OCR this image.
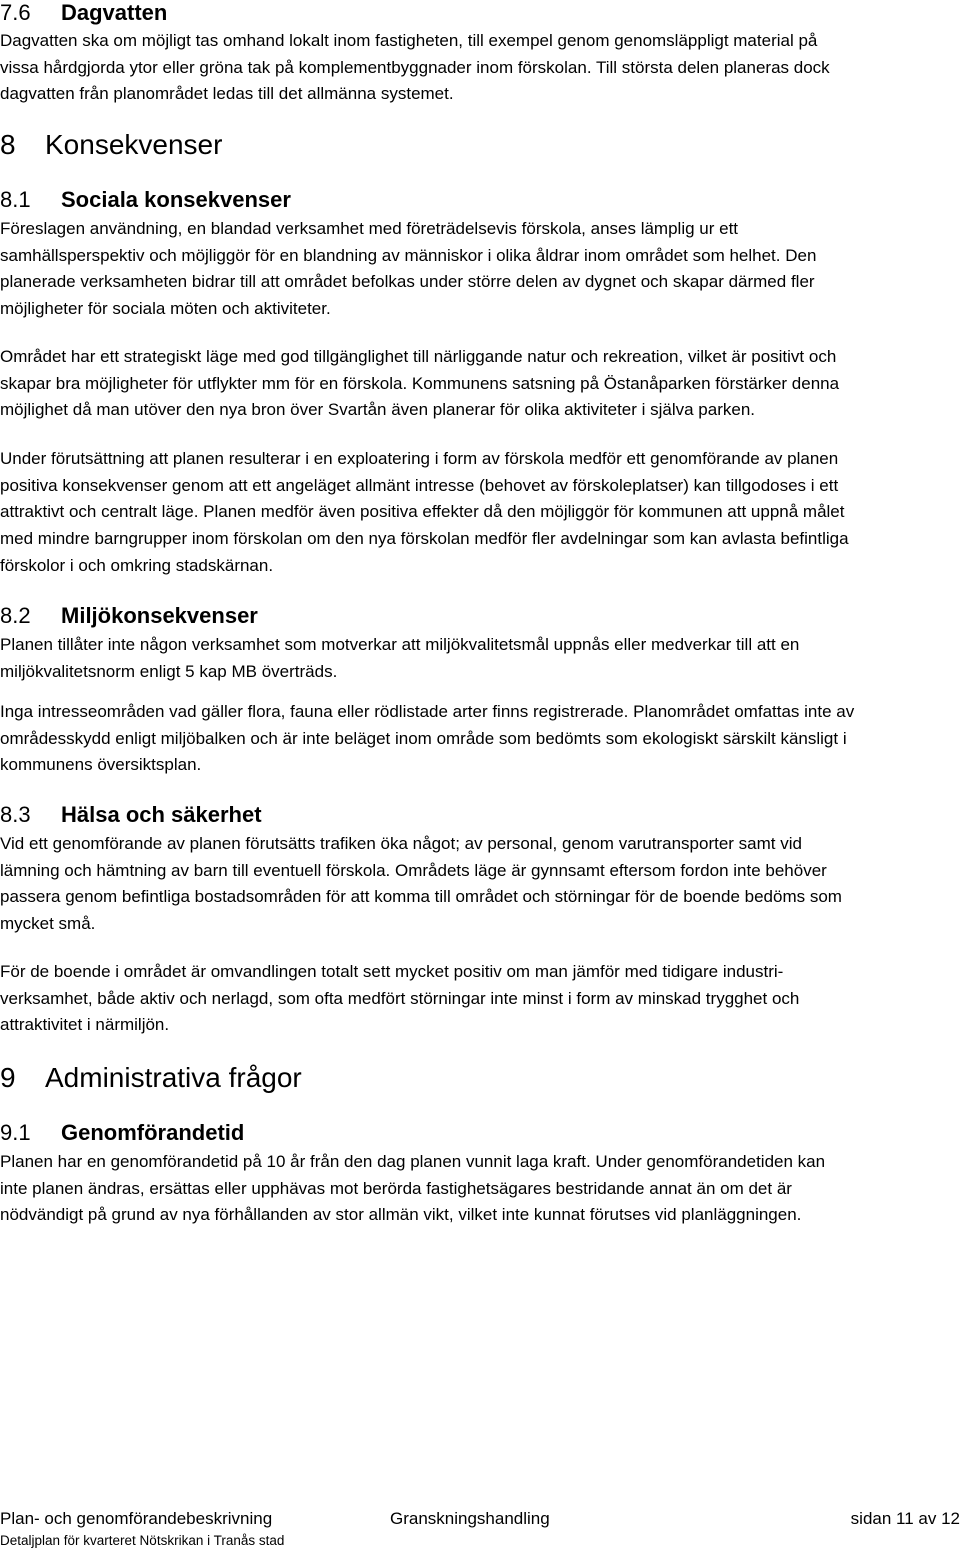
7.6 Dagvatten
Dagvatten ska om möjligt tas omhand lokalt inom fastigheten, till exempel genom genomsläppligt material på
vissa hårdgjorda ytor eller gröna tak på komplementbyggnader inom förskolan. Till största delen planeras dock
dagvatten från planområdet ledas till det allmänna systemet.
8 Konsekvenser
8.1 Sociala konsekvenser
Föreslagen användning, en blandad verksamhet med företrädelsevis förskola, anses lämplig ur ett
samhällsperspektiv och möjliggör för en blandning av människor i olika åldrar inom området som helhet. Den
planerade verksamheten bidrar till att området befolkas under större delen av dygnet och skapar därmed fler
möjligheter för sociala möten och aktiviteter.
Området har ett strategiskt läge med god tillgänglighet till närliggande natur och rekreation, vilket är positivt och
skapar bra möjligheter för utflykter mm för en förskola. Kommunens satsning på Östanåparken förstärker denna
möjlighet då man utöver den nya bron över Svartån även planerar för olika aktiviteter i själva parken.
Under förutsättning att planen resulterar i en exploatering i form av förskola medför ett genomförande av planen
positiva konsekvenser genom att ett angeläget allmänt intresse (behovet av förskoleplatser) kan tillgodoses i ett
attraktivt och centralt läge. Planen medför även positiva effekter då den möjliggör för kommunen att uppnå målet
med mindre barngrupper inom förskolan om den nya förskolan medför fler avdelningar som kan avlasta befintliga
förskolor i och omkring stadskärnan.
8.2 Miljökonsekvenser
Planen tillåter inte någon verksamhet som motverkar att miljökvalitetsmål uppnås eller medverkar till att en
miljökvalitetsnorm enligt 5 kap MB överträds.
Inga intresseområden vad gäller flora, fauna eller rödlistade arter finns registrerade. Planområdet omfattas inte av
områdesskydd enligt miljöbalken och är inte beläget inom område som bedömts som ekologiskt särskilt känsligt i
kommunens översiktsplan.
8.3 Hälsa och säkerhet
Vid ett genomförande av planen förutsätts trafiken öka något; av personal, genom varutransporter samt vid
lämning och hämtning av barn till eventuell förskola. Områdets läge är gynnsamt eftersom fordon inte behöver
passera genom befintliga bostadsområden för att komma till området och störningar för de boende bedöms som
mycket små.
För de boende i området är omvandlingen totalt sett mycket positiv om man jämför med tidigare industri-
verksamhet, både aktiv och nerlagd, som ofta medfört störningar inte minst i form av minskad trygghet och
attraktivitet i närmiljön.
9 Administrativa frågor
9.1 Genomförandetid
Planen har en genomförandetid på 10 år från den dag planen vunnit laga kraft. Under genomförandetiden kan
inte planen ändras, ersättas eller upphävas mot berörda fastighetsägares bestridande annat än om det är
nödvändigt på grund av nya förhållanden av stor allmän vikt, vilket inte kunnat förutses vid planläggningen.
Plan- och genomförandebeskrivning	Granskningshandling	sidan 11 av 12
Detaljplan för kvarteret Nötskrikan i Tranås stad
